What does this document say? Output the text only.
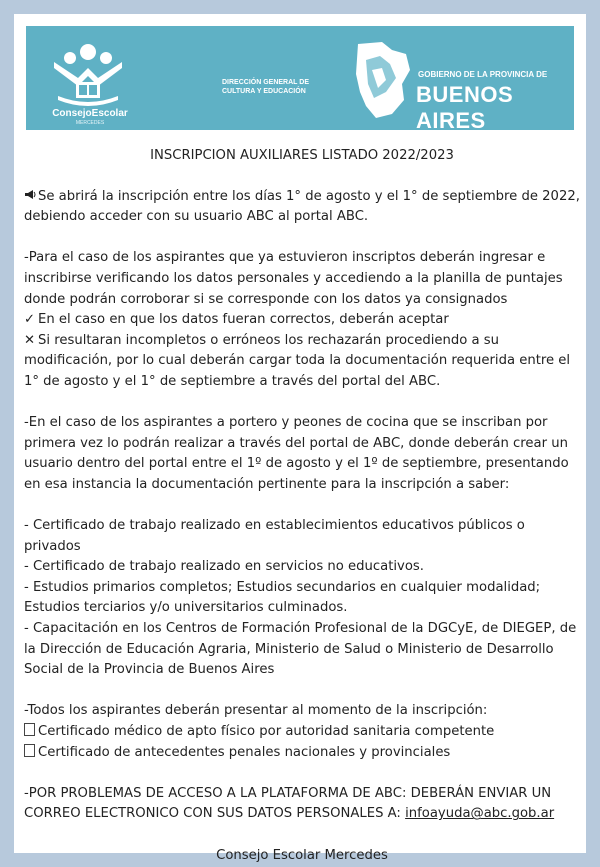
ConsejoEscolar
MERCEDES
DIRECCIÓN GENERAL DE
CULTURA Y EDUCACIÓN
GOBIERNO DE LA PROVINCIA DE
BUENOS AIRES

INSCRIPCION AUXILIARES LISTADO 2022/2023

Se abrirá la inscripción entre los días 1° de agosto y el 1° de septiembre de 2022, debiendo acceder con su usuario ABC al portal ABC.

-Para el caso de los aspirantes que ya estuvieron inscriptos deberán ingresar e inscribirse verificando los datos personales y accediendo a la planilla de puntajes donde podrán corroborar si se corresponde con los datos ya consignados

✓ En el caso en que los datos fueran correctos, deberán aceptar

✕ Si resultaran incompletos o erróneos los rechazarán procediendo a su modificación, por lo cual deberán cargar toda la documentación requerida entre el 1° de agosto y el 1° de septiembre a través del portal del ABC.

-En el caso de los aspirantes a portero y peones de cocina que se inscriban por primera vez lo podrán realizar a través del portal de ABC, donde deberán crear un usuario dentro del portal entre el 1º de agosto y el 1º de septiembre, presentando en esa instancia la documentación pertinente para la inscripción a saber:

- Certificado de trabajo realizado en establecimientos educativos públicos o privados

- Certificado de trabajo realizado en servicios no educativos.

- Estudios primarios completos; Estudios secundarios en cualquier modalidad; Estudios terciarios y/o universitarios culminados.

- Capacitación en los Centros de Formación Profesional de la DGCyE, de DIEGEP, de la Dirección de Educación Agraria, Ministerio de Salud o Ministerio de Desarrollo Social de la Provincia de Buenos Aires

-Todos los aspirantes deberán presentar al momento de la inscripción:

Certificado médico de apto físico por autoridad sanitaria competente

Certificado de antecedentes penales nacionales y provinciales

-POR PROBLEMAS DE ACCESO A LA PLATAFORMA DE ABC: DEBERÁN ENVIAR UN CORREO ELECTRONICO CON SUS DATOS PERSONALES A: infoayuda@abc.gob.ar

Consejo Escolar Mercedes
